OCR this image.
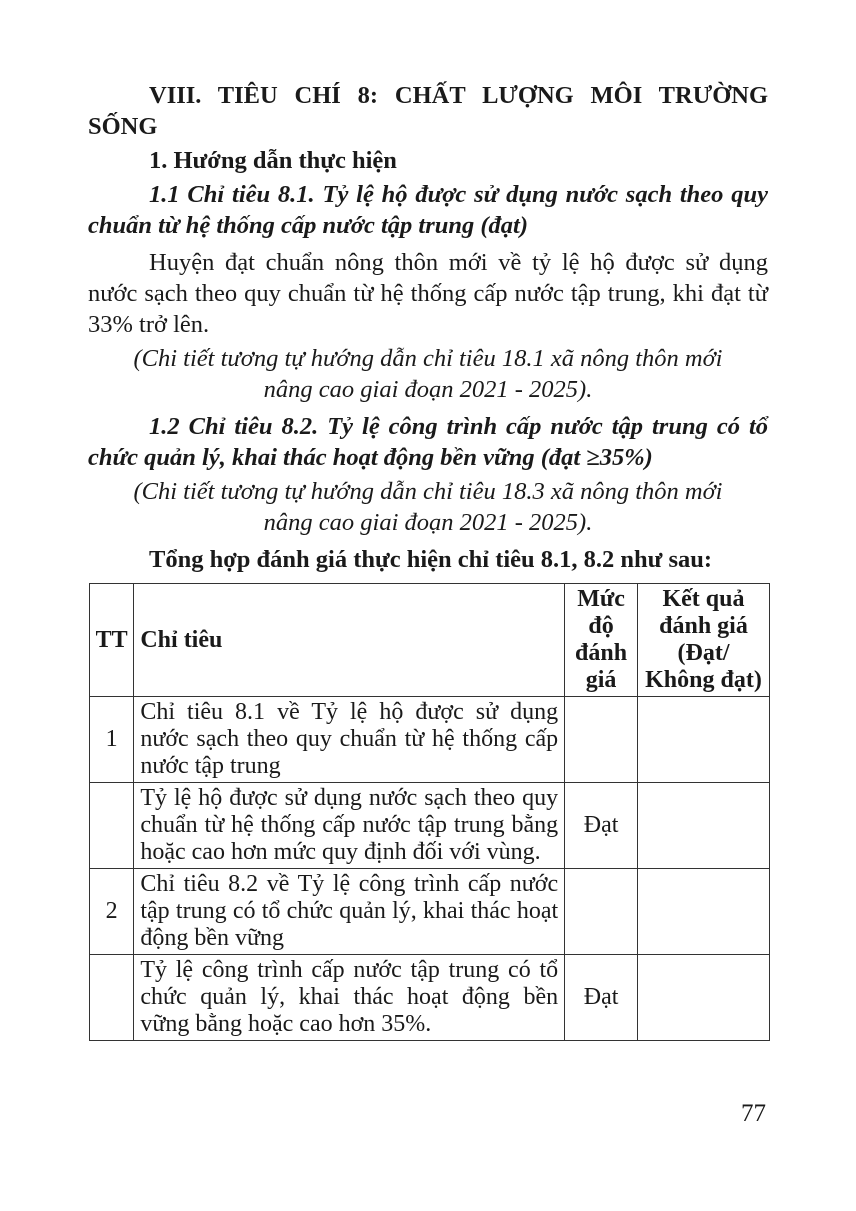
VIII. TIÊU CHÍ 8: CHẤT LƯỢNG MÔI TRƯỜNG SỐNG

1. Hướng dẫn thực hiện

1.1 Chỉ tiêu 8.1. Tỷ lệ hộ được sử dụng nước sạch theo quy chuẩn từ hệ thống cấp nước tập trung (đạt)

Huyện đạt chuẩn nông thôn mới về tỷ lệ hộ được sử dụng nước sạch theo quy chuẩn từ hệ thống cấp nước tập trung, khi đạt từ 33% trở lên.

(Chi tiết tương tự hướng dẫn chỉ tiêu 18.1 xã nông thôn mới

nâng cao giai đoạn 2021 - 2025).

1.2 Chỉ tiêu 8.2. Tỷ lệ công trình cấp nước tập trung có tổ chức quản lý, khai thác hoạt động bền vững (đạt ≥35%)

(Chi tiết tương tự hướng dẫn chỉ tiêu 18.3 xã nông thôn mới

nâng cao giai đoạn 2021 - 2025).

Tổng hợp đánh giá thực hiện chỉ tiêu 8.1, 8.2 như sau:

TT	Chỉ tiêu	Mức độ đánh giá	Kết quả đánh giá (Đạt/ Không đạt)
1	Chỉ tiêu 8.1 về Tỷ lệ hộ được sử dụng nước sạch theo quy chuẩn từ hệ thống cấp nước tập trung		
	Tỷ lệ hộ được sử dụng nước sạch theo quy chuẩn từ hệ thống cấp nước tập trung bằng hoặc cao hơn mức quy định đối với vùng.	Đạt	
2	Chỉ tiêu 8.2 về Tỷ lệ công trình cấp nước tập trung có tổ chức quản lý, khai thác hoạt động bền vững		
	Tỷ lệ công trình cấp nước tập trung có tổ chức quản lý, khai thác hoạt động bền vững bằng hoặc cao hơn 35%.	Đạt	
77
